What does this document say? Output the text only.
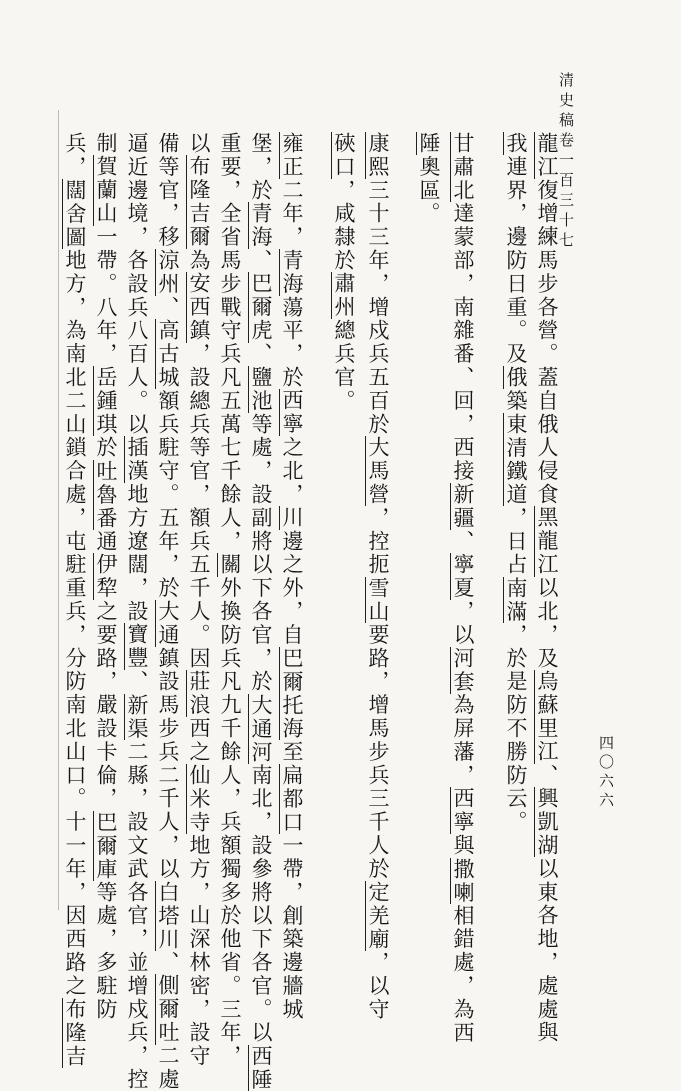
清史稿卷一百三十七
四〇六六
龍江復增練馬步各營。蓋自俄人侵食黑龍江以北，及烏蘇里江、興凱湖以東各地，處處與
我連界，邊防日重。及俄築東清鐵道，日占南滿，於是防不勝防云。
甘肅北達蒙部，南雜番、回，西接新疆、寧夏，以河套為屏藩，西寧與撒喇相錯處，為西
陲奧區。
康熙三十三年，增戍兵五百於大馬營，控扼雪山要路，增馬步兵三千人於定羌廟，以守
硤口，咸隸於肅州總兵官。
雍正二年，青海蕩平，於西寧之北，川邊之外，自巴爾托海至扁都口一帶，創築邊牆城
堡，於青海、巴爾虎、鹽池等處，設副將以下各官，於大通河南北，設參將以下各官。以西陲
重要，全省馬步戰守兵凡五萬七千餘人，關外換防兵凡九千餘人，兵額獨多於他省。三年，
以布隆吉爾為安西鎮，設總兵等官，額兵五千人。因莊浪西之仙米寺地方，山深林密，設守
備等官，移涼州、高古城額兵駐守。五年，於大通鎮設馬步兵二千人，以白塔川、側爾吐二處
逼近邊境，各設兵八百人。以插漢地方遼闊，設寶豐、新渠二縣，設文武各官，並增戍兵，控
制賀蘭山一帶。八年，岳鍾琪於吐魯番通伊犂之要路，嚴設卡倫，巴爾庫等處，多駐防
兵，闊舍圖地方，為南北二山鎖合處，屯駐重兵，分防南北山口。十一年，因西路之布隆吉
